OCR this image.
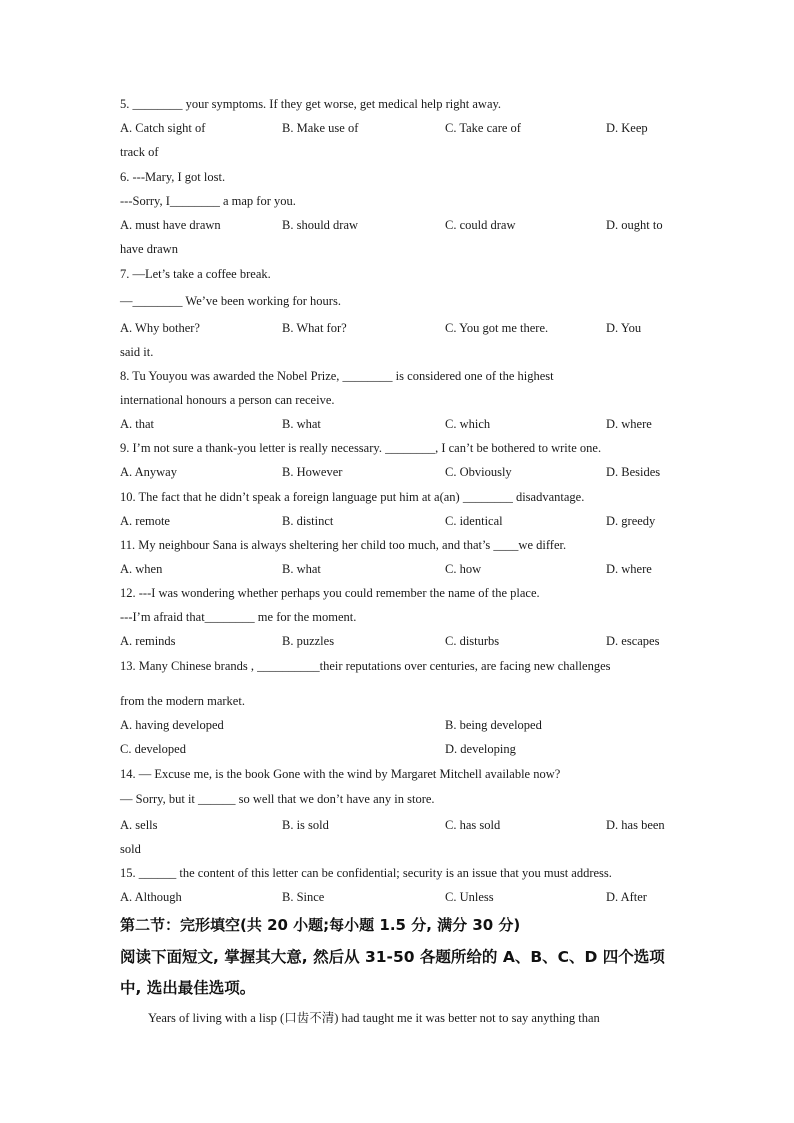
5. ________ your symptoms. If they get worse, get medical help right away.
A. Catch sight of	B. Make use of	C. Take care of	D. Keep
track of
6. ---Mary, I got lost.
---Sorry, I________ a map for you.
A. must have drawn	B. should draw	C. could draw	D. ought to
have drawn
7. —Let’s take a coffee break.
—________ We’ve been working for hours.
A. Why bother?	B. What for?	C. You got me there.	D. You
said it.
8. Tu Youyou was awarded the Nobel Prize, ________ is considered one of the highest
international honours a person can receive.
A. that	B. what	C. which	D. where
9. I’m not sure a thank-you letter is really necessary. ________, I can’t be bothered to write one.
A. Anyway	B. However	C. Obviously	D. Besides
10. The fact that he didn’t speak a foreign language put him at a(an) ________ disadvantage.
A. remote	B. distinct	C. identical	D. greedy
11. My neighbour Sana is always sheltering her child too much, and that’s ____we differ.
A. when	B. what	C. how	D. where
12. ---I was wondering whether perhaps you could remember the name of the place.
---I’m afraid that________ me for the moment.
A. reminds	B. puzzles	C. disturbs	D. escapes
13. Many Chinese brands , __________their reputations over centuries, are facing new challenges
from the modern market.
A. having developed	B. being developed
C. developed	D. developing
14. — Excuse me, is the book Gone with the wind by Margaret Mitchell available now?
— Sorry, but it ______ so well that we don’t have any in store.
A. sells	B. is sold	C. has sold	D. has been
sold
15. ______ the content of this letter can be confidential; security is an issue that you must address.
A. Although	B. Since	C. Unless	D. After
第二节：完形填空(共 20 小题;每小题 1.5 分, 满分 30 分)
阅读下面短文, 掌握其大意, 然后从 31-50 各题所给的 A、B、C、D 四个选项
中, 选出最佳选项。
Years of living with a lisp (口齿不清) had taught me it was better not to say anything than
